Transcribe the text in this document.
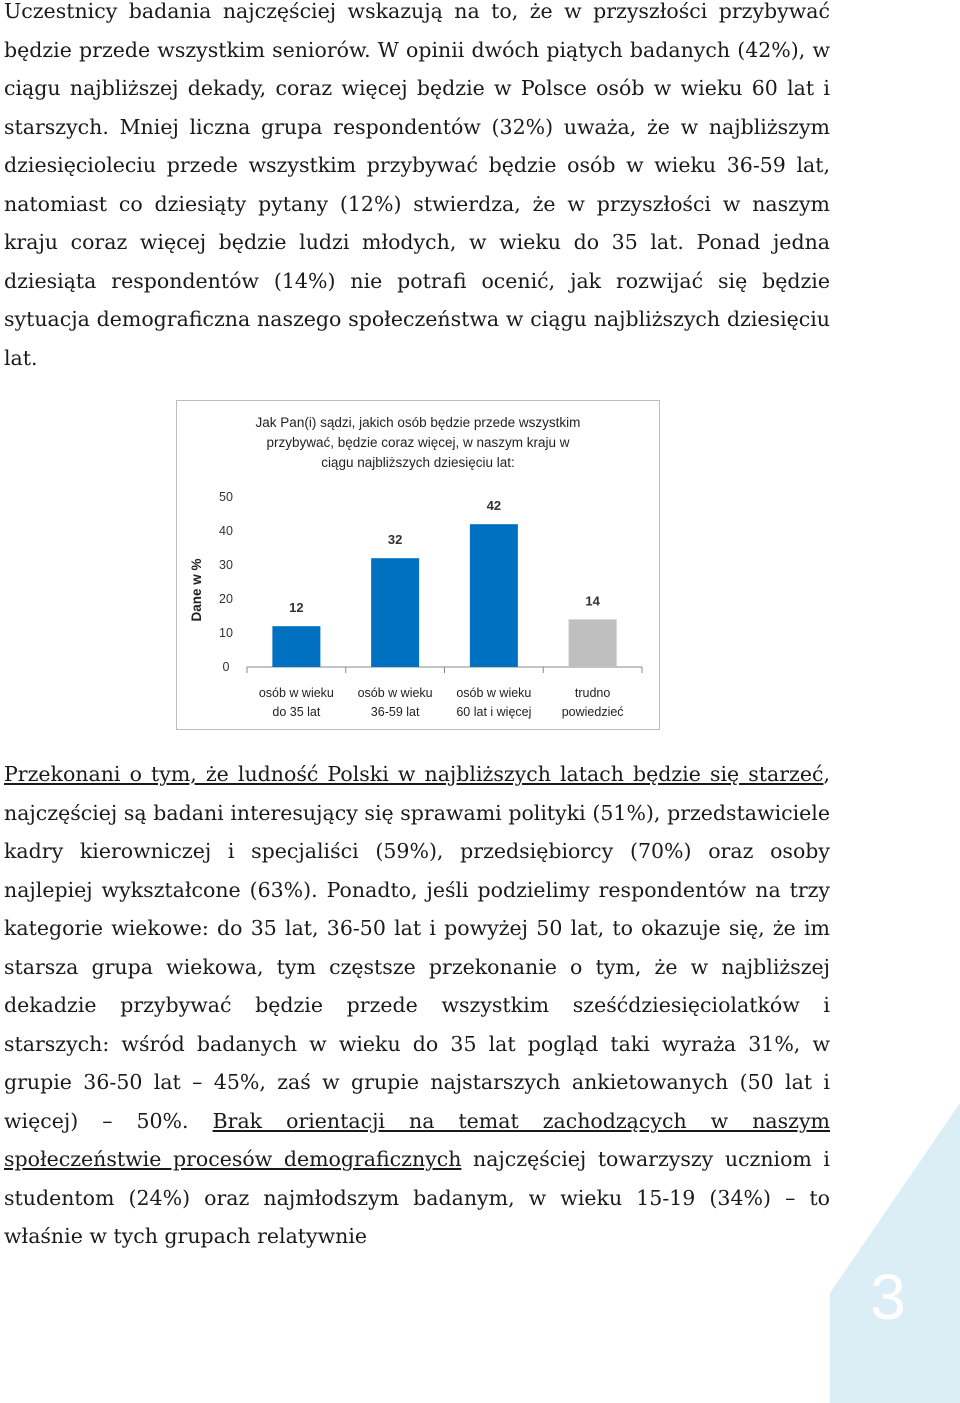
Uczestnicy badania najczęściej wskazują na to, że w przyszłości przybywać będzie przede wszystkim seniorów. W opinii dwóch piątych badanych (42%), w ciągu najbliższej dekady, coraz więcej będzie w Polsce osób w wieku 60 lat i starszych. Mniej liczna grupa respondentów (32%) uważa, że w najbliższym dziesięcioleciu przede wszystkim przybywać będzie osób w wieku 36-59 lat, natomiast co dziesiąty pytany (12%) stwierdza, że w przyszłości w naszym kraju coraz więcej będzie ludzi młodych, w wieku do 35 lat. Ponad jedna dziesiąta respondentów (14%) nie potrafi ocenić, jak rozwijać się będzie sytuacja demograficzna naszego społeczeństwa w ciągu najbliższych dziesięciu lat.

Jak Pan(i) sądzi, jakich osób będzie przede wszystkim
przybywać, będzie coraz więcej, w naszym kraju w
ciągu najbliższych dziesięciu lat:
Dane w %
0
10
20
30
40
50
12
osób w wieku
do 35 lat
32
osób w wieku
36-59 lat
42
osób w wieku
60 lat i więcej
14
trudno
powiedzieć

Przekonani o tym, że ludność Polski w najbliższych latach będzie się starzeć, najczęściej są badani interesujący się sprawami polityki (51%), przedstawiciele kadry kierowniczej i specjaliści (59%), przedsiębiorcy (70%) oraz osoby najlepiej wykształcone (63%). Ponadto, jeśli podzielimy respondentów na trzy kategorie wiekowe: do 35 lat, 36-50 lat i powyżej 50 lat, to okazuje się, że im starsza grupa wiekowa, tym częstsze przekonanie o tym, że w najbliższej dekadzie przybywać będzie przede wszystkim sześćdziesięciolatków i starszych: wśród badanych w wieku do 35 lat pogląd taki wyraża 31%, w grupie 36-50 lat – 45%, zaś w grupie najstarszych ankietowanych (50 lat i więcej) – 50%. Brak orientacji na temat zachodzących w naszym społeczeństwie procesów demograficznych najczęściej towarzyszy uczniom i studentom (24%) oraz najmłodszym badanym, w wieku 15-19 (34%) – to właśnie w tych grupach relatywnie

3
